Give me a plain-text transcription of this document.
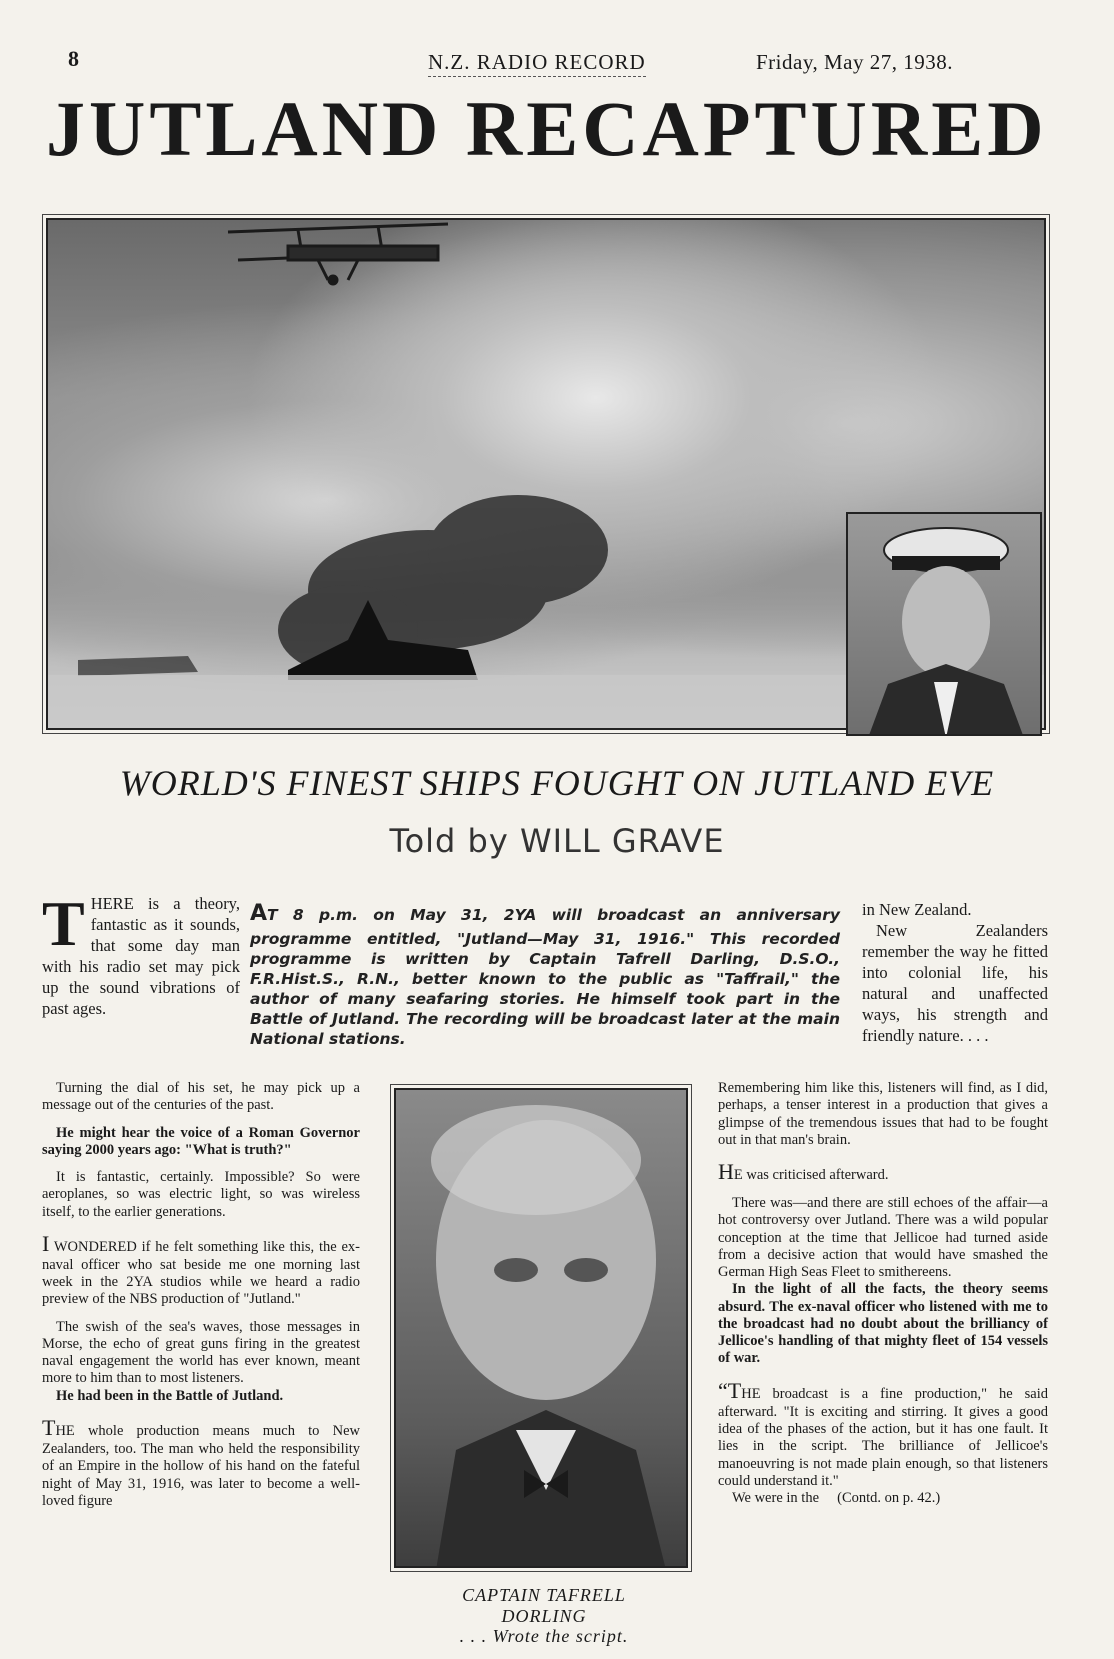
8	N.Z. RADIO RECORD	Friday, May 27, 1938.
JUTLAND RECAPTURED
WORLD'S FINEST SHIPS FOUGHT ON JUTLAND EVE
Told by WILL GRAVE

THERE is a theory, fantastic as it sounds, that some day man with his radio set may pick up the sound vibrations of past ages.

AT 8 p.m. on May 31, 2YA will broadcast an anniversary programme entitled, "Jutland—May 31, 1916." This recorded programme is written by Captain Tafrell Darling, D.S.O., F.R.Hist.S., R.N., better known to the public as "Taffrail," the author of many seafaring stories. He himself took part in the Battle of Jutland. The recording will be broadcast later at the main National stations.

in New Zealand.

New Zealanders remember the way he fitted into colonial life, his natural and unaffected ways, his strength and friendly nature. . . .

Turning the dial of his set, he may pick up a message out of the centuries of the past.

He might hear the voice of a Roman Governor saying 2000 years ago: "What is truth?"

It is fantastic, certainly. Impossible? So were aeroplanes, so was electric light, so was wireless itself, to the earlier generations.

I WONDERED if he felt something like this, the ex-naval officer who sat beside me one morning last week in the 2YA studios while we heard a radio preview of the NBS production of "Jutland."

The swish of the sea's waves, those messages in Morse, the echo of great guns firing in the greatest naval engagement the world has ever known, meant more to him than to most listeners.

He had been in the Battle of Jutland.

THE whole production means much to New Zealanders, too. The man who held the responsibility of an Empire in the hollow of his hand on the fateful night of May 31, 1916, was later to become a well-loved figure

CAPTAIN TAFRELL
DORLING
. . . Wrote the script.

Remembering him like this, listeners will find, as I did, perhaps, a tenser interest in a production that gives a glimpse of the tremendous issues that had to be fought out in that man's brain.

HE was criticised afterward.

There was—and there are still echoes of the affair—a hot controversy over Jutland. There was a wild popular conception at the time that Jellicoe had turned aside from a decisive action that would have smashed the German High Seas Fleet to smithereens.

In the light of all the facts, the theory seems absurd. The ex-naval officer who listened with me to the broadcast had no doubt about the brilliancy of Jellicoe's handling of that mighty fleet of 154 vessels of war.

“THE broadcast is a fine production," he said afterward. "It is exciting and stirring. It gives a good idea of the phases of the action, but it has one fault. It lies in the script. The brilliance of Jellicoe's manoeuvring is not made plain enough, so that listeners could understand it."

We were in the (Contd. on p. 42.)
